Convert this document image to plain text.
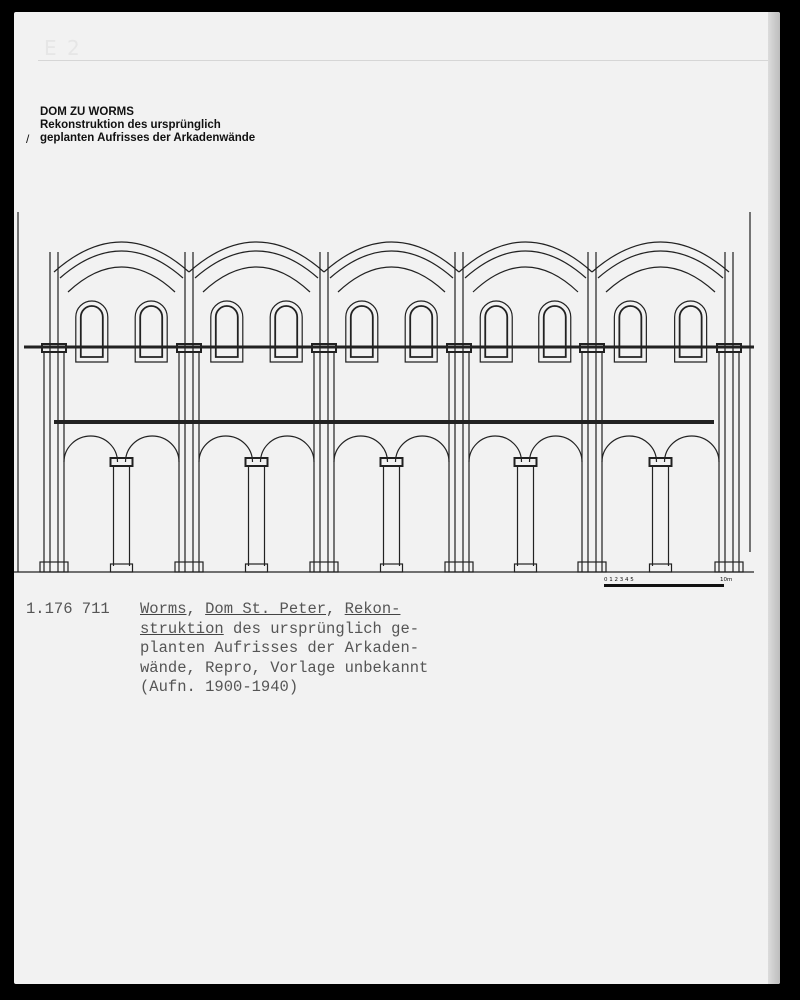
E 2
/
DOM ZU WORMS
Rekonstruktion des ursprünglich
geplanten Aufrisses der Arkadenwände
0 1 2 3 4 5	10m
1.176 711 Worms, Dom St. Peter, Rekon-
struktion des ursprünglich ge-
planten Aufrisses der Arkaden-
wände, Repro, Vorlage unbekannt
(Aufn. 1900-1940)
